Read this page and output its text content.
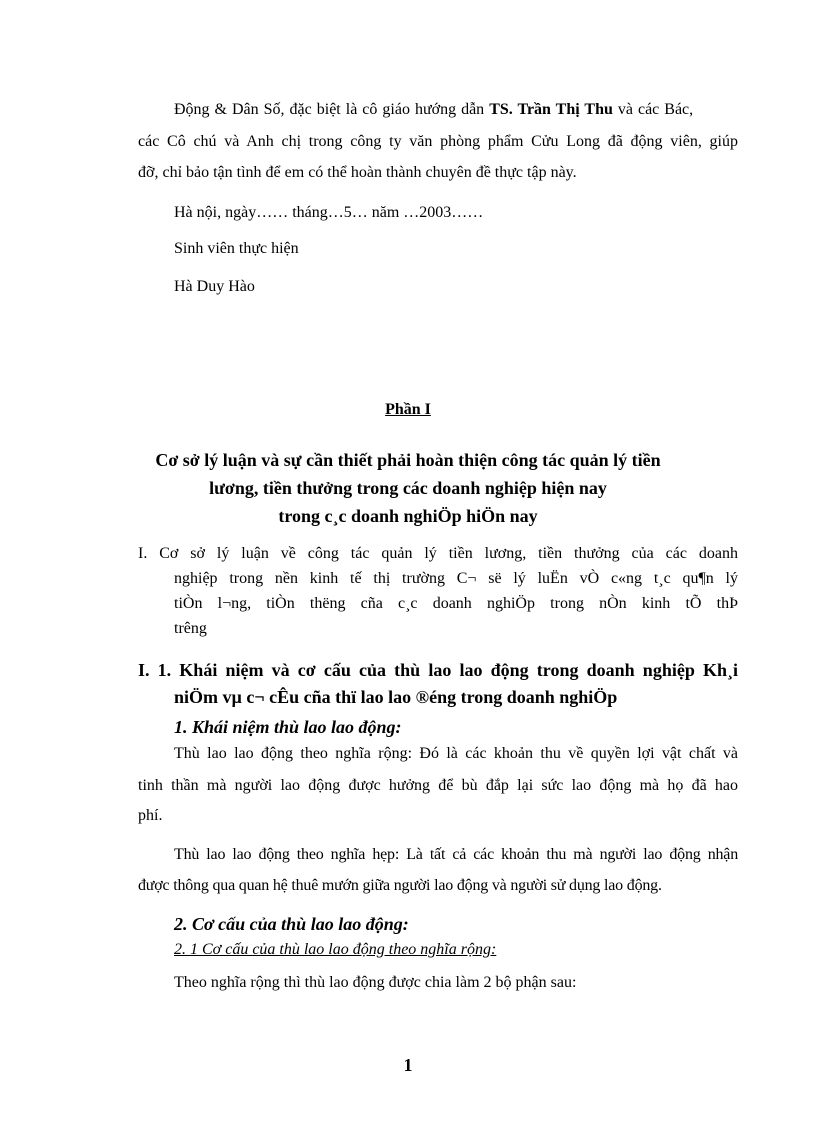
Động & Dân Số, đặc biệt là cô giáo hướng dẫn TS. Trần Thị Thu và các Bác,

các Cô chú và Anh chị trong công ty văn phòng phẩm Cửu Long đã động viên, giúp

đỡ, chỉ bảo tận tình để em có thể hoàn thành chuyên đề thực tập này.

Hà nội, ngày…… tháng…5… năm …2003……

Sinh viên thực hiện

Hà Duy Hào

Phần I

Cơ sở lý luận và sự cần thiết phải hoàn thiện công tác quản lý tiền

lương, tiền thưởng trong các doanh nghiệp hiện nay

trong c¸c doanh nghiÖp hiÖn nay

I. Cơ sở lý luận về công tác quản lý tiền lương, tiền thưởng của các doanh

nghiệp trong nền kinh tế thị trường C¬ së lý luËn vÒ c«ng t¸c qu¶n lý

tiÒn l¬ng, tiÒn thëng cña c¸c doanh nghiÖp trong nÒn kinh tÕ thÞ

trêng

I. 1. Khái niệm và cơ cấu của thù lao lao động trong doanh nghiệp Kh¸i

niÖm vµ c¬ cÊu cña thï lao lao ®éng trong doanh nghiÖp

1. Khái niệm thù lao lao động:

Thù lao lao động theo nghĩa rộng: Đó là các khoản thu về quyền lợi vật chất và

tinh thần mà người lao động được hưởng để bù đắp lại sức lao động mà họ đã hao

phí.

Thù lao lao động theo nghĩa hẹp: Là tất cả các khoản thu mà người lao động nhận

được thông qua quan hệ thuê mướn giữa người lao động và người sử dụng lao động.

2. Cơ cấu của thù lao lao động:

2. 1 Cơ cấu của thù lao lao động theo nghĩa rộng:

Theo nghĩa rộng thì thù lao động được chia làm 2 bộ phận sau:

1
